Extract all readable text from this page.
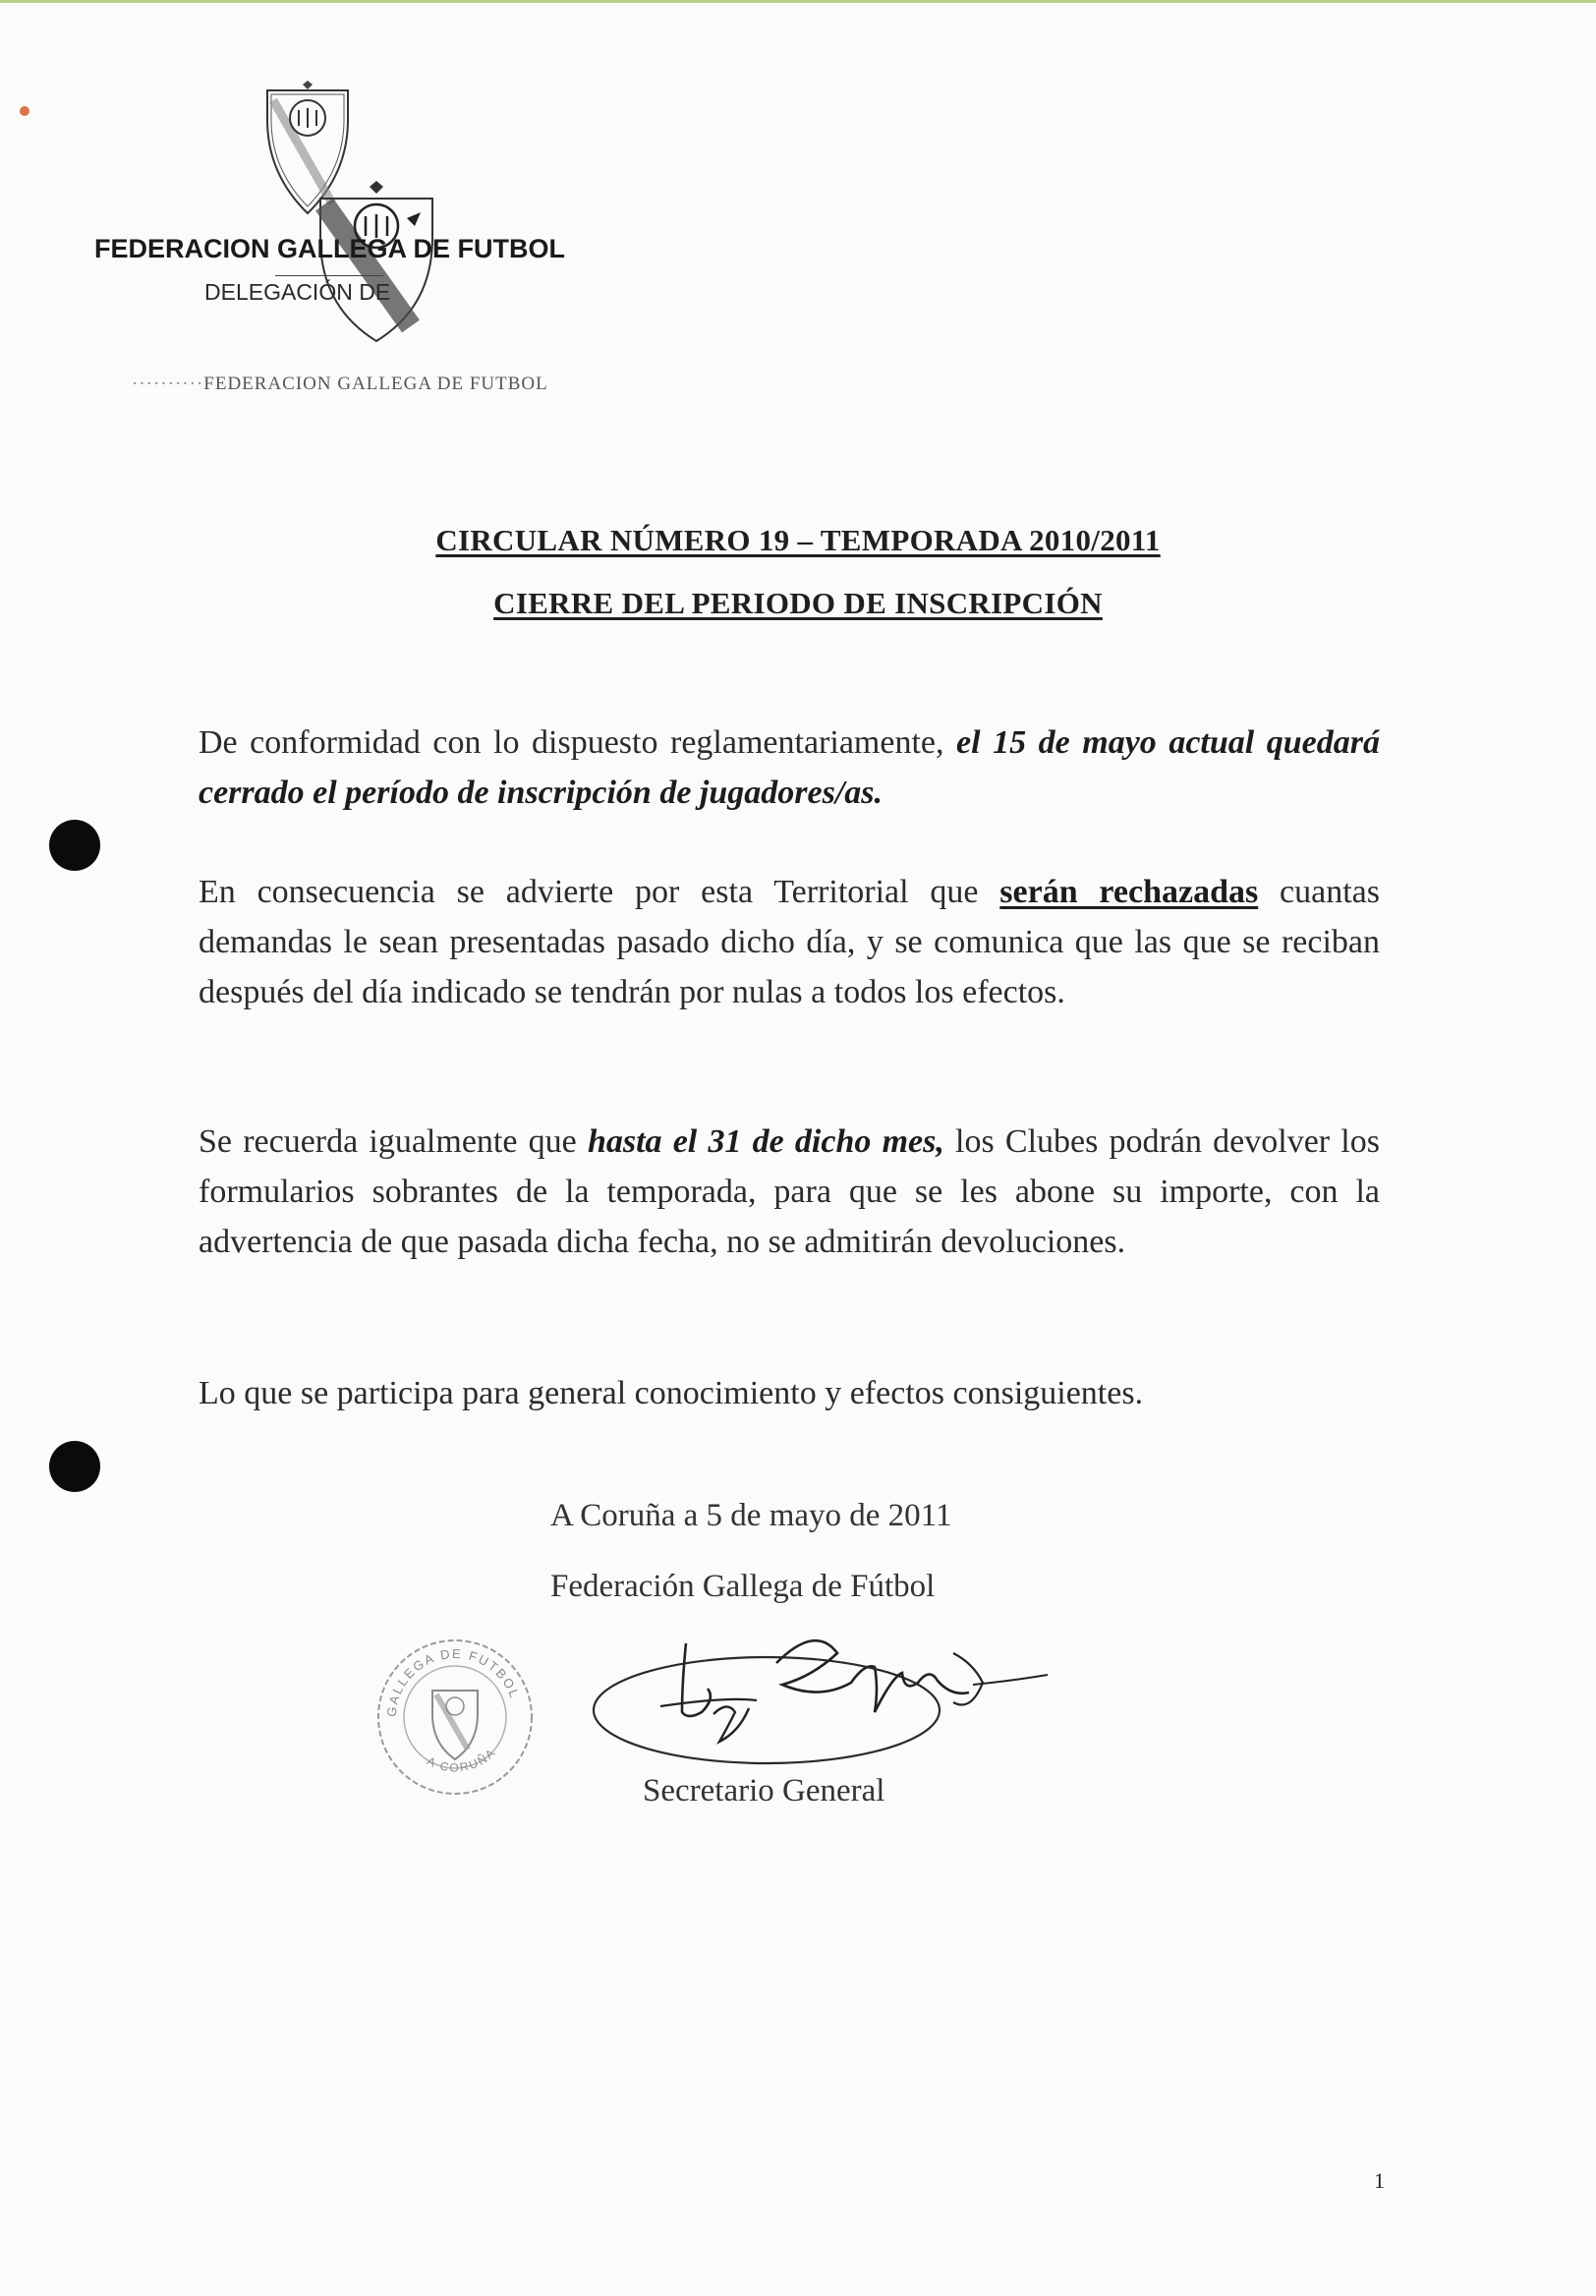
FEDERACION GALLEGA DE FUTBOL

DELEGACIÓN DE

··········FEDERACION GALLEGA DE FUTBOL

CIRCULAR NÚMERO 19 – TEMPORADA 2010/2011
CIERRE DEL PERIODO DE INSCRIPCIÓN

De conformidad con lo dispuesto reglamentariamente, el 15 de mayo actual quedará cerrado el período de inscripción de jugadores/as.

En consecuencia se advierte por esta Territorial que serán rechazadas cuantas demandas le sean presentadas pasado dicho día, y se comunica que las que se reciban después del día indicado se tendrán por nulas a todos los efectos.

Se recuerda igualmente que hasta el 31 de dicho mes, los Clubes podrán devolver los formularios sobrantes de la temporada, para que se les abone su importe, con la advertencia de que pasada dicha fecha, no se admitirán devoluciones.

Lo que se participa para general conocimiento y efectos consiguientes.

A Coruña a 5 de mayo de 2011

Federación Gallega de Fútbol

GALLEGA DE FUTBOL
A CORUÑA

Secretario General

1
